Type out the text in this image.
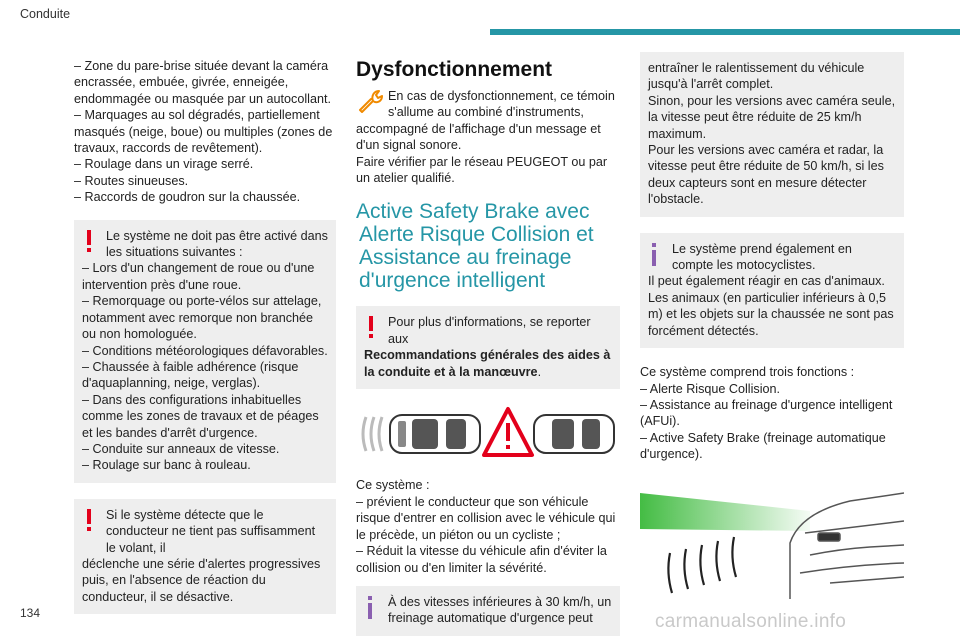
Conduite
– Zone du pare-brise située devant la caméra encrassée, embuée, givrée, enneigée, endommagée ou masquée par un autocollant.
– Marquages au sol dégradés, partiellement masqués (neige, boue) ou multiples (zones de travaux, raccords de revêtement).
– Roulage dans un virage serré.
– Routes sinueuses.
– Raccords de goudron sur la chaussée.
Le système ne doit pas être activé dans les situations suivantes :
– Lors d'un changement de roue ou d'une intervention près d'une roue.
– Remorquage ou porte-vélos sur attelage, notamment avec remorque non branchée ou non homologuée.
– Conditions météorologiques défavorables.
– Chaussée à faible adhérence (risque d'aquaplanning, neige, verglas).
– Dans des configurations inhabituelles comme les zones de travaux et de péages et les bandes d'arrêt d'urgence.
– Conduite sur anneaux de vitesse.
– Roulage sur banc à rouleau.
Si le système détecte que le conducteur ne tient pas suffisamment le volant, il
déclenche une série d'alertes progressives puis, en l'absence de réaction du conducteur, il se désactive.
Dysfonctionnement
En cas de dysfonctionnement, ce témoin s'allume au combiné d'instruments,
accompagné de l'affichage d'un message et d'un signal sonore.
Faire vérifier par le réseau PEUGEOT ou par un atelier qualifié.
Active Safety Brake avec
Alerte Risque Collision et Assistance au freinage d'urgence intelligent
Pour plus d'informations, se reporter aux
Recommandations générales des aides à la conduite et à la manœuvre.
Ce système :
– prévient le conducteur que son véhicule risque d'entrer en collision avec le véhicule qui le précède, un piéton ou un cycliste ;
– Réduit la vitesse du véhicule afin d'éviter la collision ou d'en limiter la sévérité.
À des vitesses inférieures à 30 km/h, un freinage automatique d'urgence peut
entraîner le ralentissement du véhicule jusqu'à l'arrêt complet.
Sinon, pour les versions avec caméra seule, la vitesse peut être réduite de 25 km/h maximum.
Pour les versions avec caméra et radar, la vitesse peut être réduite de 50 km/h, si les deux capteurs sont en mesure détecter l'obstacle.
Le système prend également en compte les motocyclistes.
Il peut également réagir en cas d'animaux.
Les animaux (en particulier inférieurs à 0,5 m) et les objets sur la chaussée ne sont pas forcément détectés.
Ce système comprend trois fonctions :
– Alerte Risque Collision.
– Assistance au freinage d'urgence intelligent (AFUi).
– Active Safety Brake (freinage automatique d'urgence).
134	carmanualsonline.info
